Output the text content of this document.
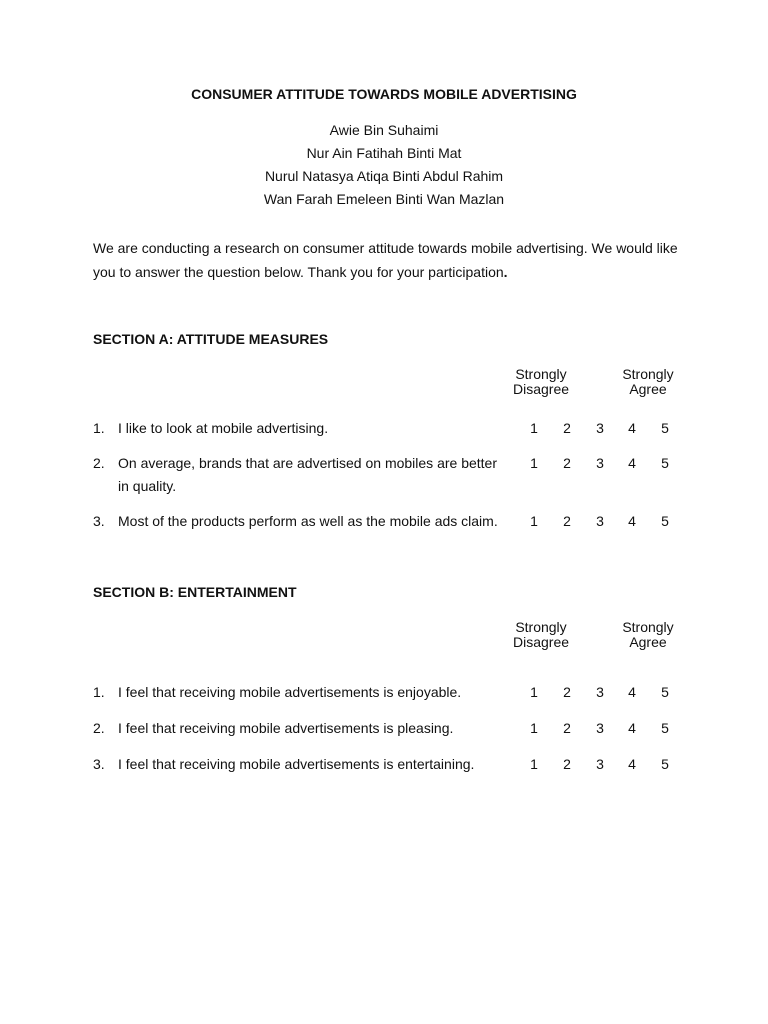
CONSUMER ATTITUDE TOWARDS MOBILE ADVERTISING
Awie Bin Suhaimi
Nur Ain Fatihah Binti Mat
Nurul Natasya Atiqa Binti Abdul Rahim
Wan Farah Emeleen Binti Wan Mazlan
We are conducting a research on consumer attitude towards mobile advertising. We would like you to answer the question below. Thank you for your participation.
SECTION A: ATTITUDE MEASURES
Strongly
Disagree
Strongly
Agree
1. I like to look at mobile advertising.	1	2	3	4	5
2. On average, brands that are advertised on mobiles are better in quality.
1	2	3	4	5
3. Most of the products perform as well as the mobile ads claim.	1	2	3	4	5
SECTION B: ENTERTAINMENT
Strongly
Disagree
Strongly
Agree
1. I feel that receiving mobile advertisements is enjoyable.	1	2	3	4	5
2. I feel that receiving mobile advertisements is pleasing.	1	2	3	4	5
3. I feel that receiving mobile advertisements is entertaining.	1	2	3	4	5
